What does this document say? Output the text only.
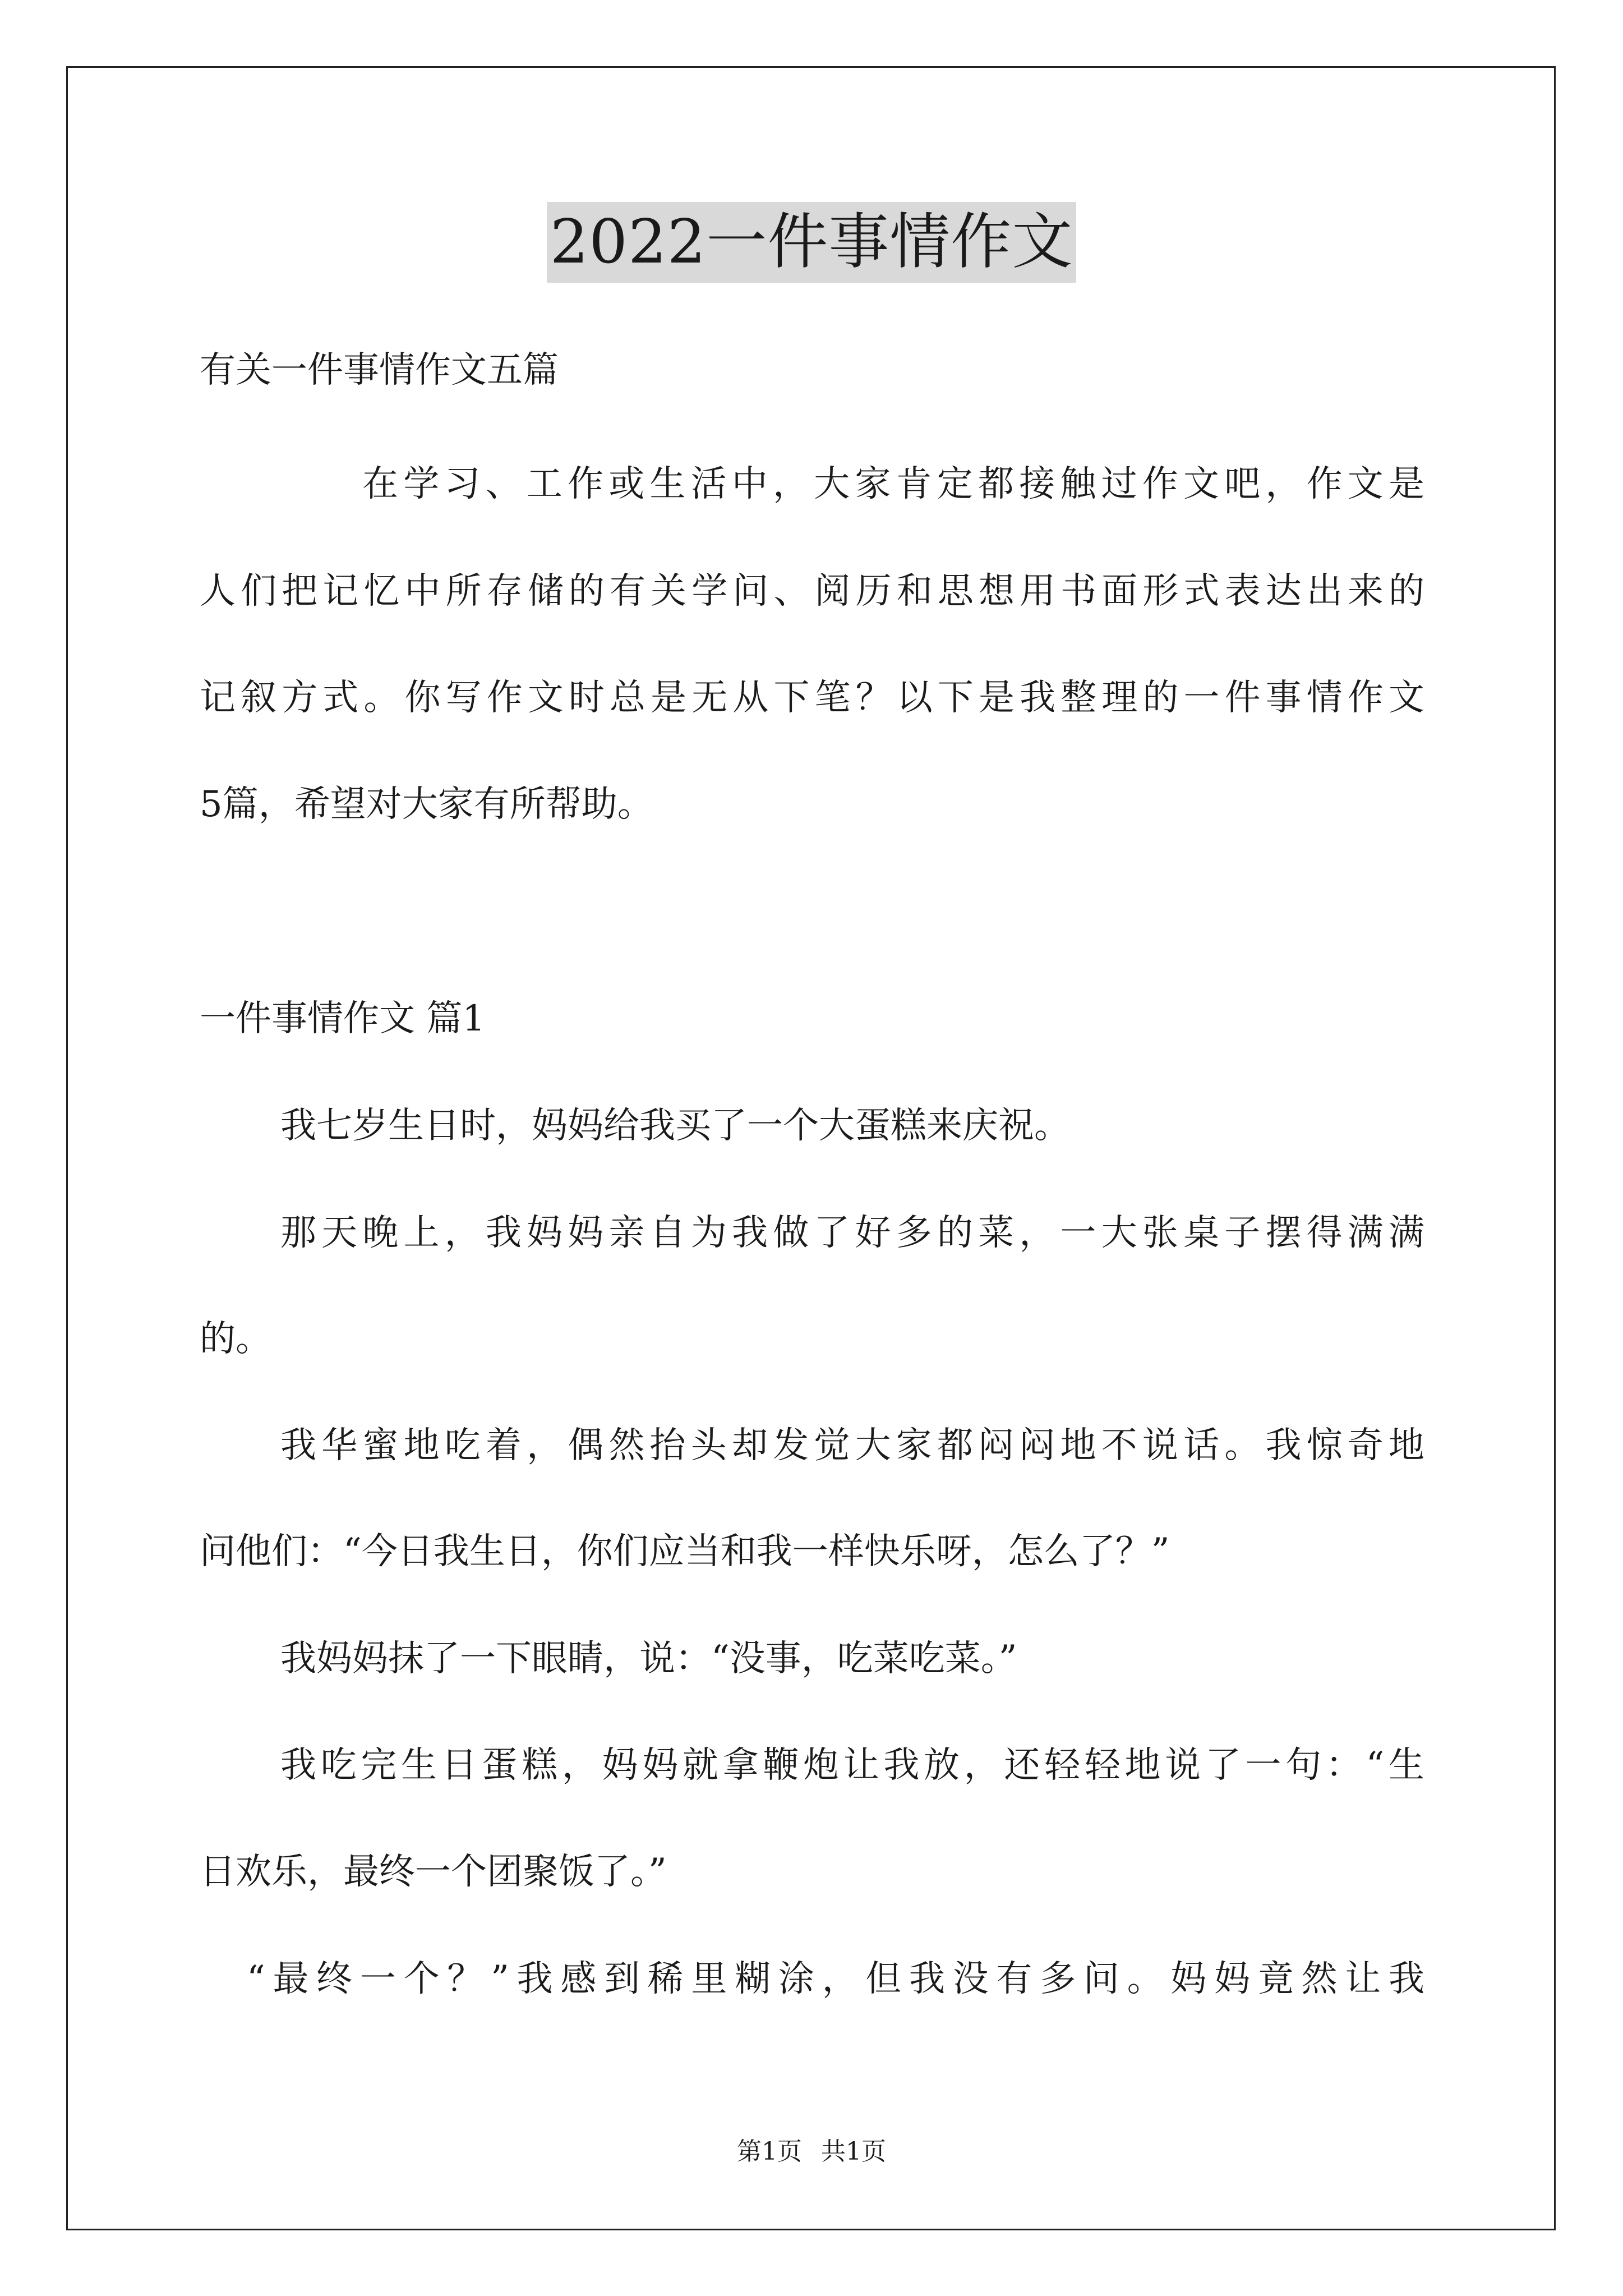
2022一件事情作文
有关一件事情作文五篇
在学习、工作或生活中，大家肯定都接触过作文吧，作文是
人们把记忆中所存储的有关学问、阅历和思想用书面形式表达出来的
记叙方式。你写作文时总是无从下笔？以下是我整理的一件事情作文
5篇，希望对大家有所帮助。
一件事情作文 篇1
我七岁生日时，妈妈给我买了一个大蛋糕来庆祝。
那天晚上，我妈妈亲自为我做了好多的菜，一大张桌子摆得满满
的。
我华蜜地吃着，偶然抬头却发觉大家都闷闷地不说话。我惊奇地
问他们：“今日我生日，你们应当和我一样快乐呀，怎么了？”
我妈妈抹了一下眼睛，说：“没事，吃菜吃菜。”
我吃完生日蛋糕，妈妈就拿鞭炮让我放，还轻轻地说了一句：“生
日欢乐，最终一个团聚饭了。”
“最终一个？”我感到稀里糊涂，但我没有多问。妈妈竟然让我
第1页 共1页
